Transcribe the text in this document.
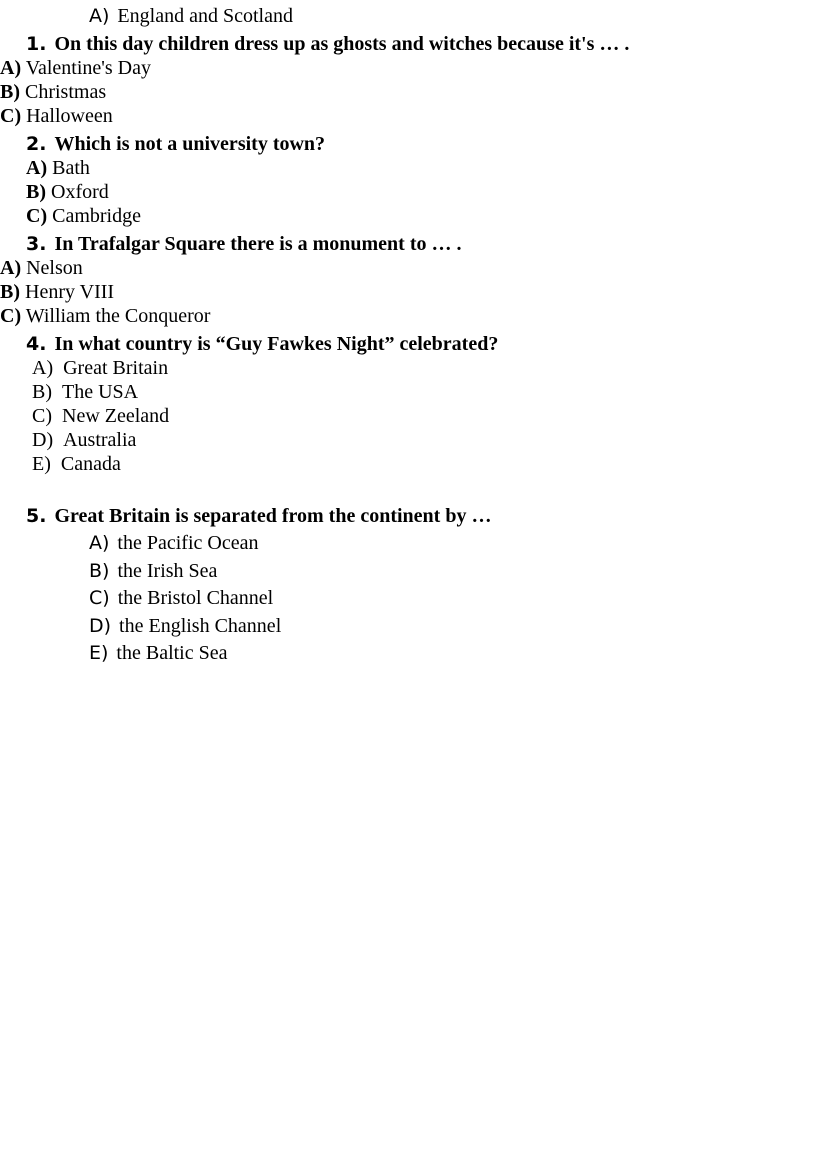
A) England and Scotland
1. On this day children dress up as ghosts and witches because it's … .
A) Valentine's Day
B) Christmas
C) Halloween
2. Which is not a university town?
A) Bath
B) Oxford
C) Cambridge
3. In Trafalgar Square there is a monument to … .
A) Nelson
B) Henry VIII
C) William the Conqueror
4. In what country is “Guy Fawkes Night” celebrated?
A) Great Britain
B) The USA
C) New Zeeland
D) Australia
E) Canada
5. Great Britain is separated from the continent by …
A) the Pacific Ocean
B) the Irish Sea
C) the Bristol Channel
D) the English Channel
E) the Baltic Sea
